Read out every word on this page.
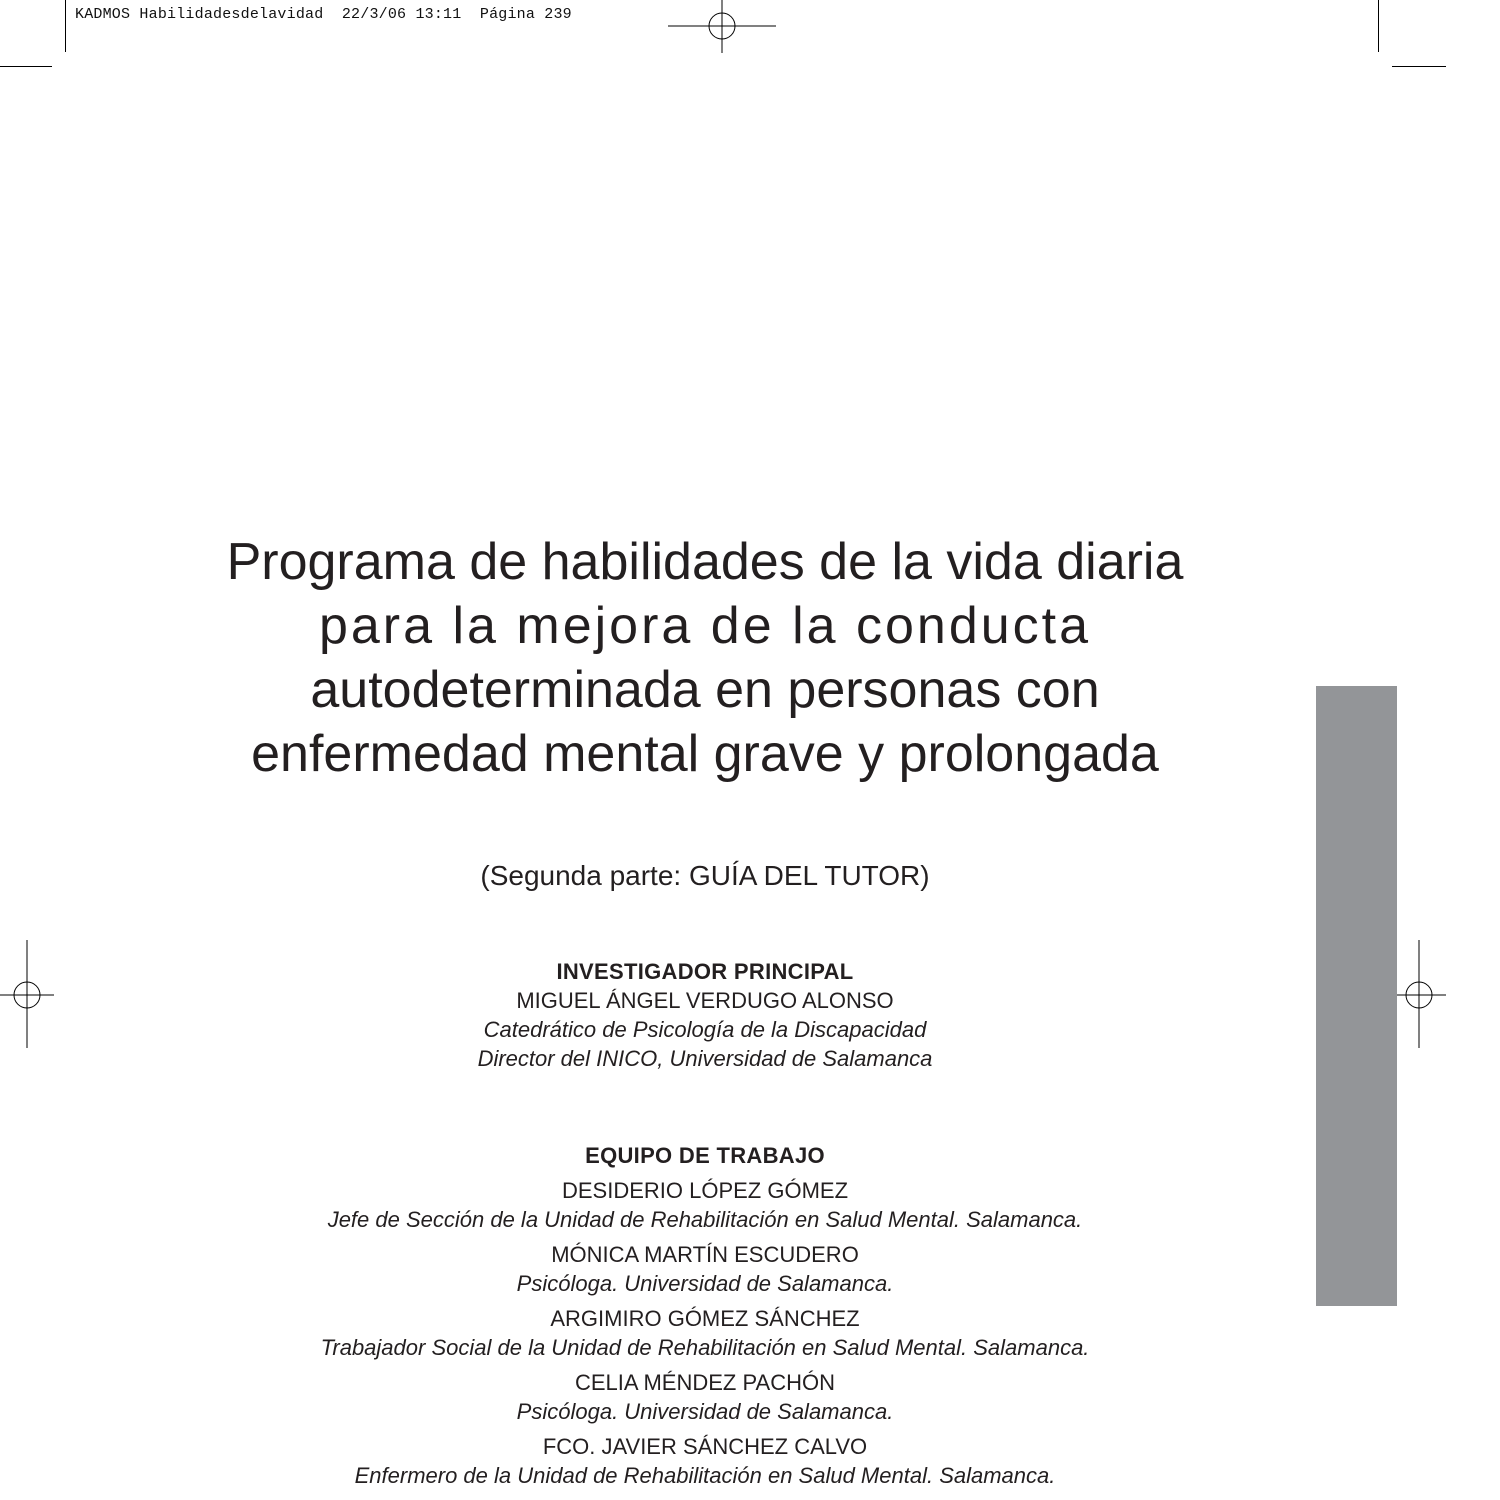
KADMOS Habilidadesdelavidad  22/3/06 13:11  Página 239
Programa de habilidades de la vida diaria
para la mejora de la conducta
autodeterminada en personas con
enfermedad mental grave y prolongada
(Segunda parte: GUÍA DEL TUTOR)
INVESTIGADOR PRINCIPAL
MIGUEL ÁNGEL VERDUGO ALONSO
Catedrático de Psicología de la Discapacidad
Director del INICO, Universidad de Salamanca
EQUIPO DE TRABAJO
DESIDERIO LÓPEZ GÓMEZ
Jefe de Sección de la Unidad de Rehabilitación en Salud Mental. Salamanca.
MÓNICA MARTÍN ESCUDERO
Psicóloga. Universidad de Salamanca.
ARGIMIRO GÓMEZ SÁNCHEZ
Trabajador Social de la Unidad de Rehabilitación en Salud Mental. Salamanca.
CELIA MÉNDEZ PACHÓN
Psicóloga. Universidad de Salamanca.
FCO. JAVIER SÁNCHEZ CALVO
Enfermero de la Unidad de Rehabilitación en Salud Mental. Salamanca.
